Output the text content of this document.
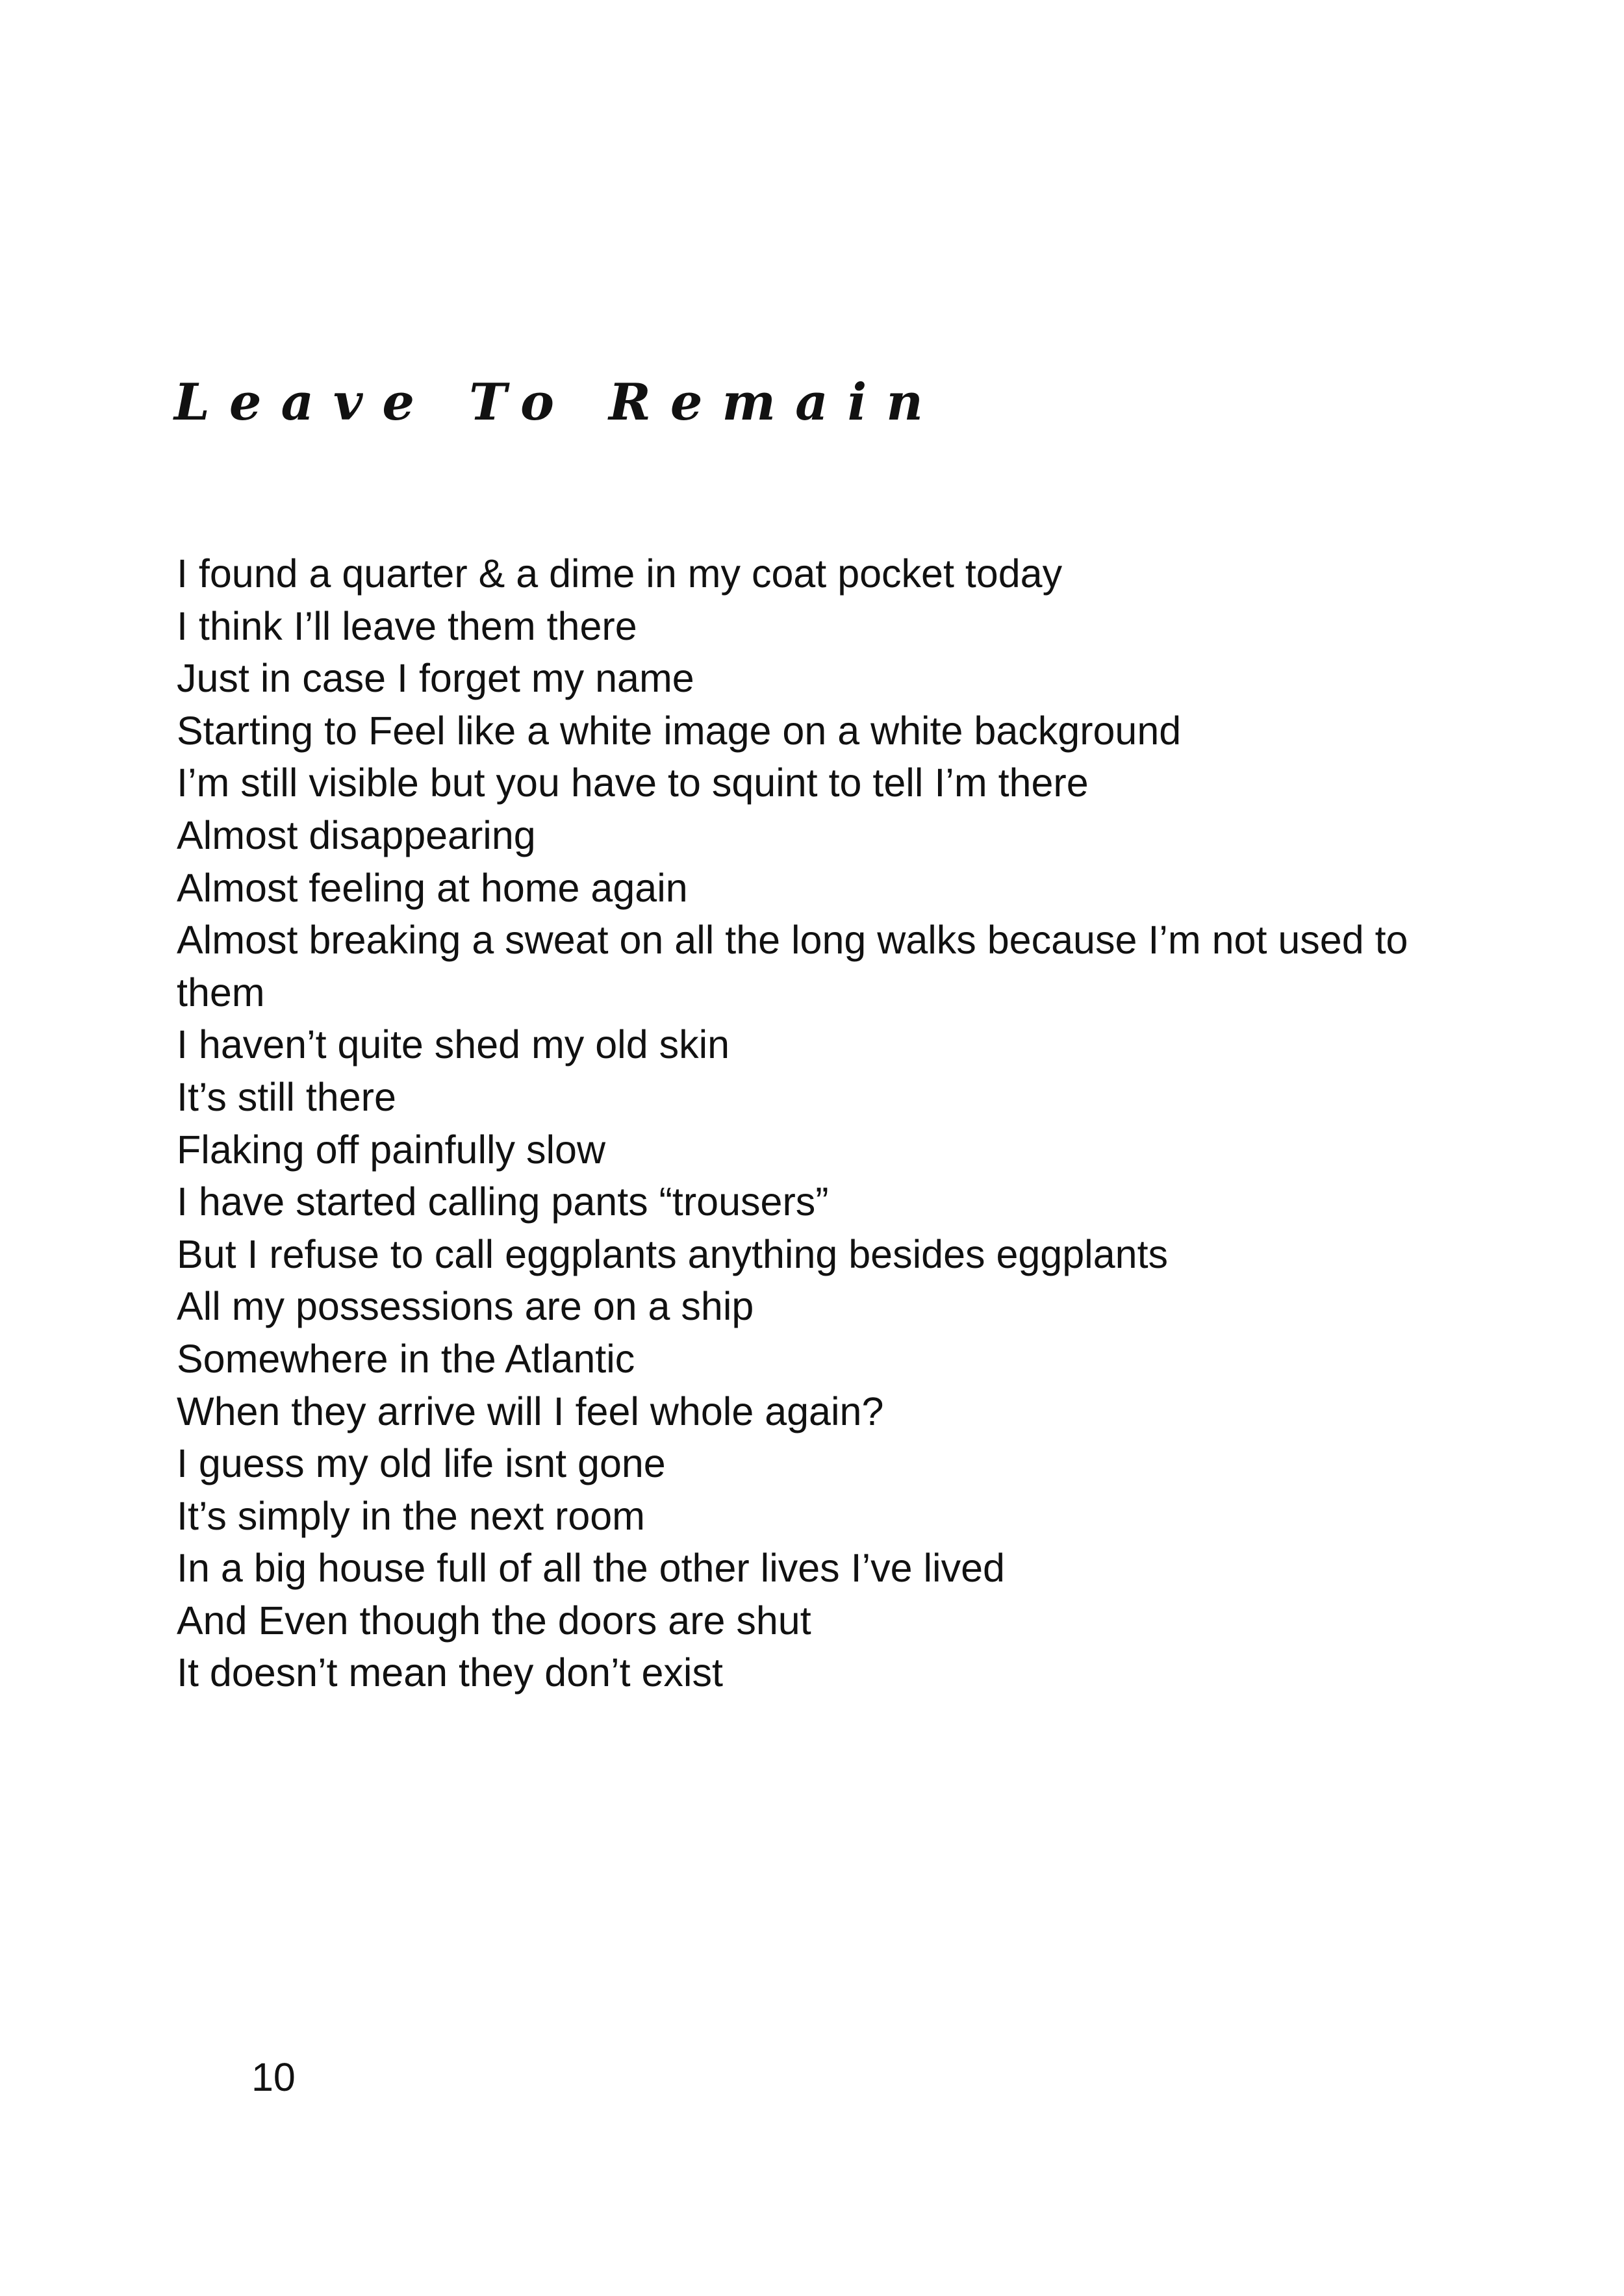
Leave To Remain
I found a quarter & a dime in my coat pocket today
I think I’ll leave them there
Just in case I forget my name
Starting to Feel like a white image on a white background
I’m still visible but you have to squint to tell I’m there
Almost disappearing
Almost feeling at home again
Almost breaking a sweat on all the long walks because I’m not used to
them
I haven’t quite shed my old skin
It’s still there
Flaking off painfully slow
I have started calling pants “trousers”
But I refuse to call eggplants anything besides eggplants
All my possessions are on a ship
Somewhere in the Atlantic
When they arrive will I feel whole again?
I guess my old life isnt gone
It’s simply in the next room
In a big house full of all the other lives I’ve lived
And Even though the doors are shut
It doesn’t mean they don’t exist
10
